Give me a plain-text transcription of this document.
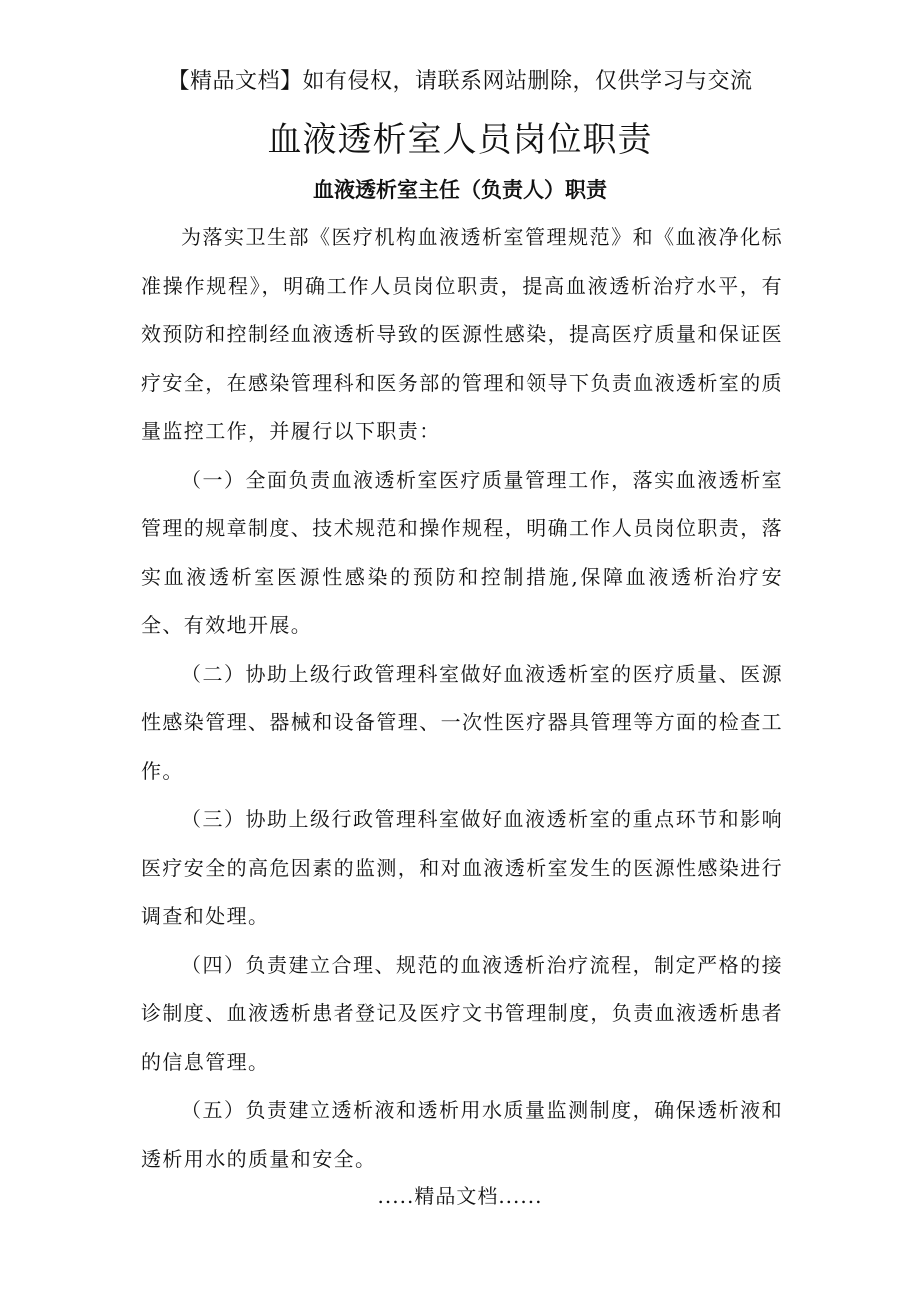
【精品文档】如有侵权，请联系网站删除，仅供学习与交流
血液透析室人员岗位职责
血液透析室主任（负责人）职责

为落实卫生部《医疗机构血液透析室管理规范》和《血液净化标准操作规程》，明确工作人员岗位职责，提高血液透析治疗水平，有效预防和控制经血液透析导致的医源性感染，提高医疗质量和保证医疗安全，在感染管理科和医务部的管理和领导下负责血液透析室的质量监控工作，并履行以下职责：

（一）全面负责血液透析室医疗质量管理工作，落实血液透析室管理的规章制度、技术规范和操作规程，明确工作人员岗位职责，落实血液透析室医源性感染的预防和控制措施,保障血液透析治疗安全、有效地开展。

（二）协助上级行政管理科室做好血液透析室的医疗质量、医源性感染管理、器械和设备管理、一次性医疗器具管理等方面的检查工作。

（三）协助上级行政管理科室做好血液透析室的重点环节和影响医疗安全的高危因素的监测，和对血液透析室发生的医源性感染进行调查和处理。

（四）负责建立合理、规范的血液透析治疗流程，制定严格的接诊制度、血液透析患者登记及医疗文书管理制度，负责血液透析患者的信息管理。

（五）负责建立透析液和透析用水质量监测制度，确保透析液和透析用水的质量和安全。

.....精品文档......
